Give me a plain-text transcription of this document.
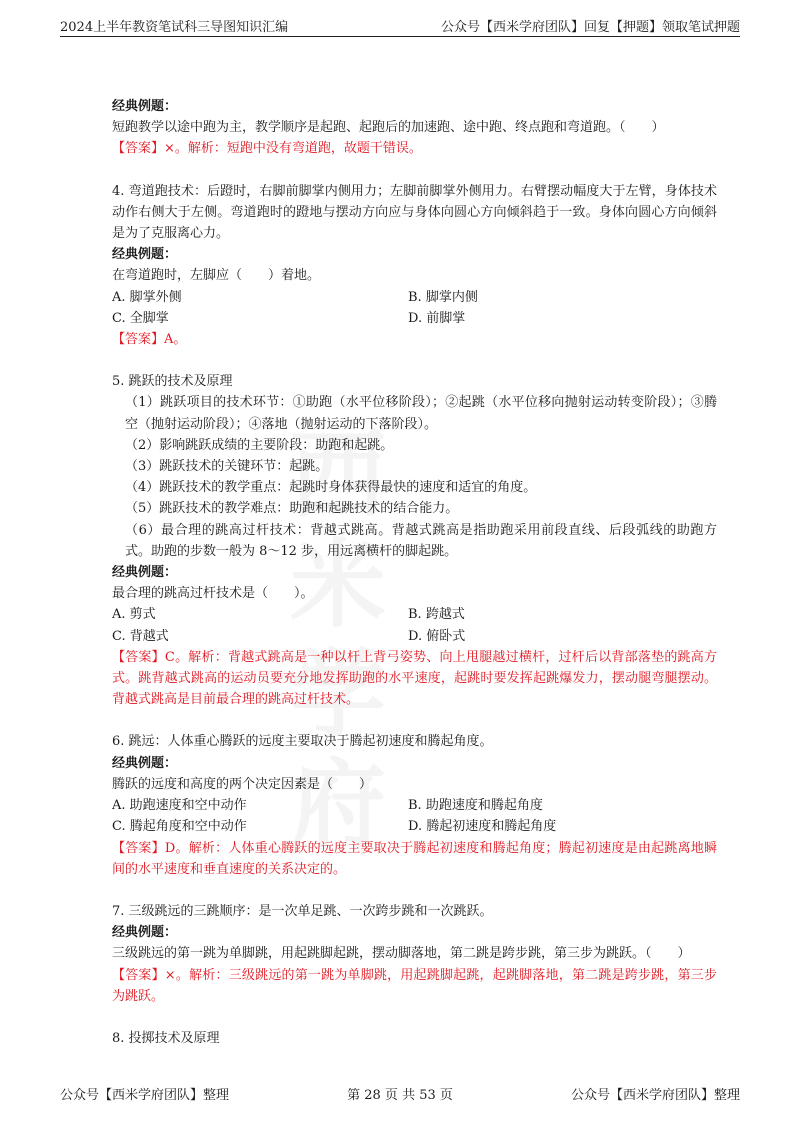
2024上半年教资笔试科三导图知识汇编	公众号【西米学府团队】回复【押题】领取笔试押题

经典例题：

短跑教学以途中跑为主，教学顺序是起跑、起跑后的加速跑、途中跑、终点跑和弯道跑。（　　）

【答案】×。解析：短跑中没有弯道跑，故题干错误。

4. 弯道跑技术：后蹬时，右脚前脚掌内侧用力；左脚前脚掌外侧用力。右臂摆动幅度大于左臂，身体技术动作右侧大于左侧。弯道跑时的蹬地与摆动方向应与身体向圆心方向倾斜趋于一致。身体向圆心方向倾斜是为了克服离心力。

经典例题：

在弯道跑时，左脚应（　　）着地。

A. 脚掌外侧	B. 脚掌内侧
C. 全脚掌	D. 前脚掌

【答案】A。

5. 跳跃的技术及原理

（1）跳跃项目的技术环节：①助跑（水平位移阶段）；②起跳（水平位移向抛射运动转变阶段）；③腾空（抛射运动阶段）；④落地（抛射运动的下落阶段）。

（2）影响跳跃成绩的主要阶段：助跑和起跳。

（3）跳跃技术的关键环节：起跳。

（4）跳跃技术的教学重点：起跳时身体获得最快的速度和适宜的角度。

（5）跳跃技术的教学难点：助跑和起跳技术的结合能力。

（6）最合理的跳高过杆技术：背越式跳高。背越式跳高是指助跑采用前段直线、后段弧线的助跑方式。助跑的步数一般为 8～12 步，用远离横杆的脚起跳。

经典例题：

最合理的跳高过杆技术是（　　）。

A. 剪式	B. 跨越式
C. 背越式	D. 俯卧式

【答案】C。解析：背越式跳高是一种以杆上背弓姿势、向上甩腿越过横杆，过杆后以背部落垫的跳高方式。跳背越式跳高的运动员要充分地发挥助跑的水平速度，起跳时要发挥起跳爆发力，摆动腿弯腿摆动。背越式跳高是目前最合理的跳高过杆技术。

6. 跳远：人体重心腾跃的远度主要取决于腾起初速度和腾起角度。

经典例题：

腾跃的远度和高度的两个决定因素是（　　）

A. 助跑速度和空中动作	B. 助跑速度和腾起角度
C. 腾起角度和空中动作	D. 腾起初速度和腾起角度

【答案】D。解析：人体重心腾跃的远度主要取决于腾起初速度和腾起角度；腾起初速度是由起跳离地瞬间的水平速度和垂直速度的关系决定的。

7. 三级跳远的三跳顺序：是一次单足跳、一次跨步跳和一次跳跃。

经典例题：

三级跳远的第一跳为单脚跳，用起跳脚起跳，摆动脚落地，第二跳是跨步跳，第三步为跳跃。（　　）

【答案】×。解析：三级跳远的第一跳为单脚跳，用起跳脚起跳，起跳脚落地，第二跳是跨步跳，第三步为跳跃。

8. 投掷技术及原理

公众号【西米学府团队】整理	第 28 页 共 53 页	公众号【西米学府团队】整理
